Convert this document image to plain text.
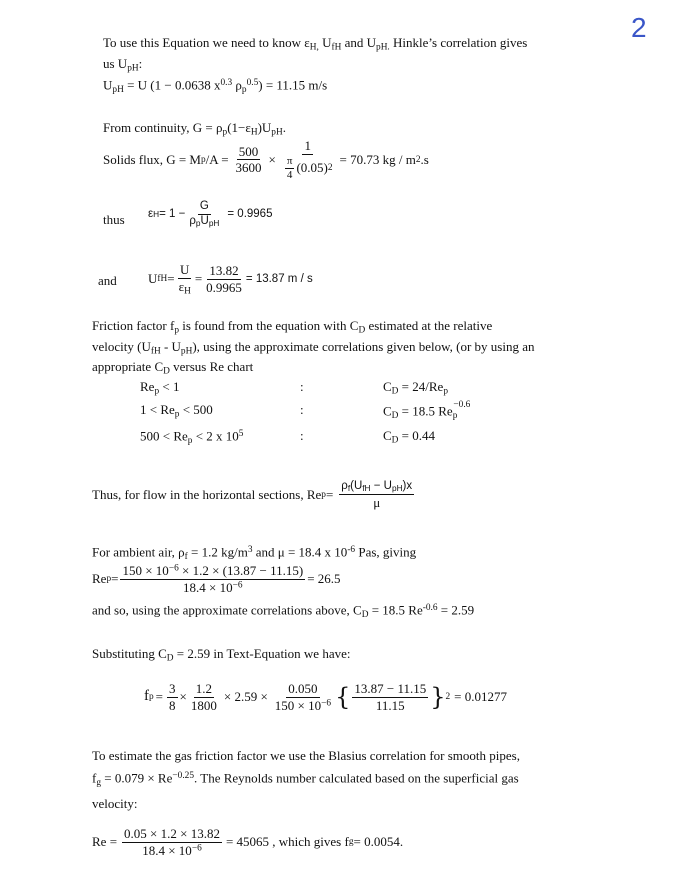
2
To use this Equation we need to know $\varepsilon_{H,}$ $U_{fH}$ and $U_{pH.}$ Hinkle’s correlation gives
us $U_{pH}$:
$U_{pH} = U$ (1 − 0.0638 $x^{0.3}$ $\rho_p^{0.5}) = 11.15$ m/s
From continuity, $G = \rho_p(1-\varepsilon_H)U_{pH}$.
Solids flux, G = M p $/A = \frac{500}{3600} \times \frac{1}{\frac{\pi}{4} (0.05) 2} = 70.73$ kg / m 2 .s
thus ε $H = 1 - \frac{G}{\rho_pU_{pH}} = 0.9965$
and U fH = $\frac{U}{\varepsilon_H} = \frac{13.82}{0.9965} = 13.87$ m / s
Friction factor $f_p$ is found from the equation with $C_D$ estimated at the relative
velocity $(U_{fH} - U_{pH})$, using the approximate correlations given below, (or by using an
appropriate $C_D$ versus Re chart
$Re_p < 1$	:	$C_D = 24/Re_p$
$1 < Re_p < 500$	:	$C_D = 18.5$ $Re_p^{-0.6}$
$500 < Re_p < 2$ x $10^5$	:	$C_D = 0.44$
Thus, for flow in the horizontal sections, Re $p = \frac{\rho_f(U_{fH} - U_{pH})x}{\mu}$
For ambient air, $\rho_f = 1.2$ $kg/m^3$ and μ = 18.4 x $10^{-6}$ Pas, giving
Re $p = \frac{150 \times 10^{-6} \times 1.2 \times (13.87 - 11.15)}{18.4 \times 10^{-6}} = 26.5$
and so, using the approximate correlations above, $C_D = 18.5$ $Re^{-0.6} = 2.59$
Substituting $C_D = 2.59$ in Text-Equation we have:
f $p = \frac{3}{8} \times \frac{1.2}{1800} \times 2.59 \times \frac{0.050}{150 \times 10^{-6}}$ { $\frac{13.87 - 11.15}{11.15}$ } 2 = 0.01277
To estimate the gas friction factor we use the Blasius correlation for smooth pipes,
$f_g = 0.079 \times Re^{-0.25}$. The Reynolds number calculated based on the superficial gas
velocity:
$Re = \frac{0.05 \times 1.2 \times 13.82}{18.4 \times 10^{-6}} = 45065$ , which gives f g = 0.0054.
